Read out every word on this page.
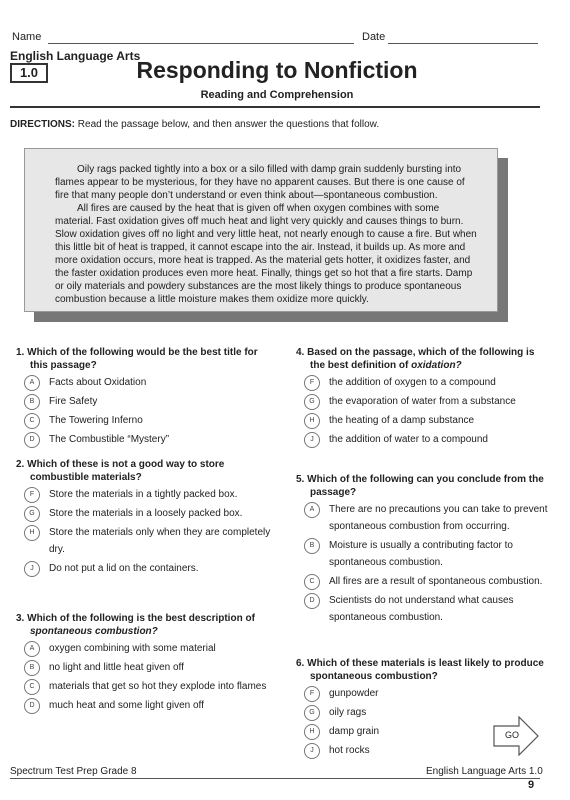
Name	Date
English Language Arts
1.0	Responding to Nonfiction
Reading and Comprehension
DIRECTIONS: Read the passage below, and then answer the questions that follow.

Oily rags packed tightly into a box or a silo filled with damp grain suddenly bursting into flames appear to be mysterious, for they have no apparent causes. But there is one cause of fire that many people don’t understand or even think about—spontaneous combustion.

All fires are caused by the heat that is given off when oxygen combines with some material. Fast oxidation gives off much heat and light very quickly and causes things to burn. Slow oxidation gives off no light and very little heat, not nearly enough to cause a fire. But when this little bit of heat is trapped, it cannot escape into the air. Instead, it builds up. As more and more oxidation occurs, more heat is trapped. As the material gets hotter, it oxidizes faster, and the faster oxidation produces even more heat. Finally, things get so hot that a fire starts. Damp or oily materials and powdery substances are the most likely things to produce spontaneous combustion because a little moisture makes them oxidize more quickly.

1. Which of the following would be the best title for this passage?
A	Facts about Oxidation
B	Fire Safety
C	The Towering Inferno
D	The Combustible “Mystery”
2. Which of these is not a good way to store combustible materials?
F	Store the materials in a tightly packed box.
G	Store the materials in a loosely packed box.
H	Store the materials only when they are completely dry.
J	Do not put a lid on the containers.
3. Which of the following is the best description of spontaneous combustion?
A	oxygen combining with some material
B	no light and little heat given off
C	materials that get so hot they explode into flames
D	much heat and some light given off
4. Based on the passage, which of the following is the best definition of oxidation?
F	the addition of oxygen to a compound
G	the evaporation of water from a substance
H	the heating of a damp substance
J	the addition of water to a compound
5. Which of the following can you conclude from the passage?
A	There are no precautions you can take to prevent spontaneous combustion from occurring.
B	Moisture is usually a contributing factor to spontaneous combustion.
C	All fires are a result of spontaneous combustion.
D	Scientists do not understand what causes spontaneous combustion.
6. Which of these materials is least likely to produce spontaneous combustion?
F	gunpowder
G	oily rags
H	damp grain
J	hot rocks
GO
Spectrum Test Prep Grade 8	English Language Arts 1.0
9
